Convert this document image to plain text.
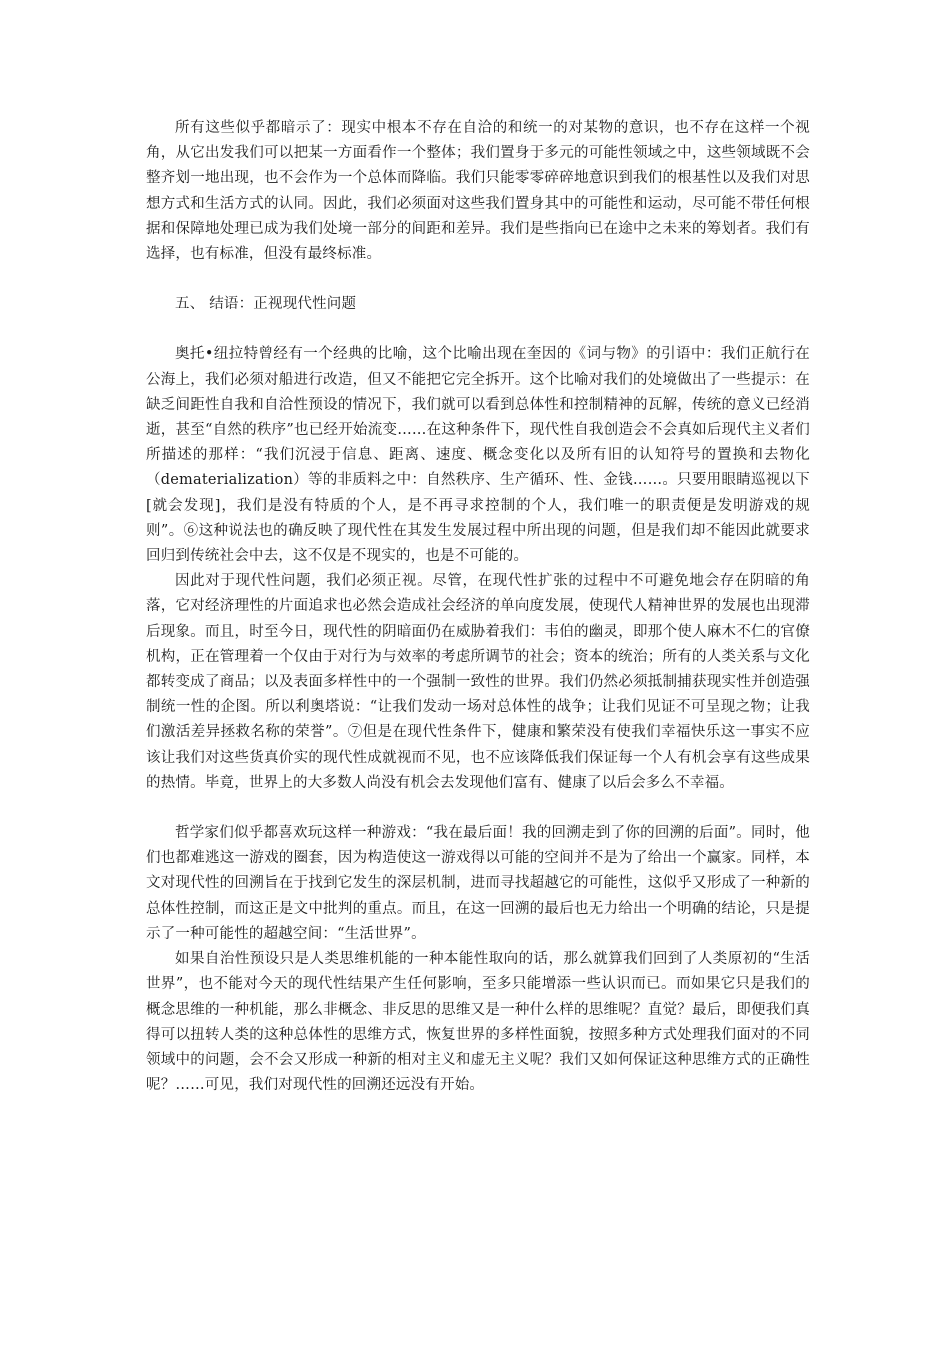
所有这些似乎都暗示了：现实中根本不存在自洽的和统一的对某物的意识，也不存在这样一个视角，从它出发我们可以把某一方面看作一个整体；我们置身于多元的可能性领域之中，这些领域既不会整齐划一地出现，也不会作为一个总体而降临。我们只能零零碎碎地意识到我们的根基性以及我们对思想方式和生活方式的认同。因此，我们必须面对这些我们置身其中的可能性和运动，尽可能不带任何根据和保障地处理已成为我们处境一部分的间距和差异。我们是些指向已在途中之未来的筹划者。我们有选择，也有标准，但没有最终标准。

五、 结语：正视现代性问题

奥托•纽拉特曾经有一个经典的比喻，这个比喻出现在奎因的《词与物》的引语中：我们正航行在公海上，我们必须对船进行改造，但又不能把它完全拆开。这个比喻对我们的处境做出了一些提示：在缺乏间距性自我和自洽性预设的情况下，我们就可以看到总体性和控制精神的瓦解，传统的意义已经消逝，甚至“自然的秩序”也已经开始流变……在这种条件下，现代性自我创造会不会真如后现代主义者们所描述的那样：“我们沉浸于信息、距离、速度、概念变化以及所有旧的认知符号的置换和去物化（dematerialization）等的非质料之中：自然秩序、生产循环、性、金钱……。只要用眼睛巡视以下[就会发现]，我们是没有特质的个人，是不再寻求控制的个人，我们唯一的职责便是发明游戏的规则”。⑥这种说法也的确反映了现代性在其发生发展过程中所出现的问题，但是我们却不能因此就要求回归到传统社会中去，这不仅是不现实的，也是不可能的。

因此对于现代性问题，我们必须正视。尽管，在现代性扩张的过程中不可避免地会存在阴暗的角落，它对经济理性的片面追求也必然会造成社会经济的单向度发展，使现代人精神世界的发展也出现滞后现象。而且，时至今日，现代性的阴暗面仍在威胁着我们：韦伯的幽灵，即那个使人麻木不仁的官僚机构，正在管理着一个仅由于对行为与效率的考虑所调节的社会；资本的统治；所有的人类关系与文化都转变成了商品；以及表面多样性中的一个强制一致性的世界。我们仍然必须抵制捕获现实性并创造强制统一性的企图。所以利奥塔说：“让我们发动一场对总体性的战争；让我们见证不可呈现之物；让我们激活差异拯救名称的荣誉”。⑦但是在现代性条件下，健康和繁荣没有使我们幸福快乐这一事实不应该让我们对这些货真价实的现代性成就视而不见，也不应该降低我们保证每一个人有机会享有这些成果的热情。毕竟，世界上的大多数人尚没有机会去发现他们富有、健康了以后会多么不幸福。

哲学家们似乎都喜欢玩这样一种游戏：“我在最后面！我的回溯走到了你的回溯的后面”。同时，他们也都难逃这一游戏的圈套，因为构造使这一游戏得以可能的空间并不是为了给出一个赢家。同样，本文对现代性的回溯旨在于找到它发生的深层机制，进而寻找超越它的可能性，这似乎又形成了一种新的总体性控制，而这正是文中批判的重点。而且，在这一回溯的最后也无力给出一个明确的结论，只是提示了一种可能性的超越空间：“生活世界”。

如果自治性预设只是人类思维机能的一种本能性取向的话，那么就算我们回到了人类原初的“生活世界”，也不能对今天的现代性结果产生任何影响，至多只能增添一些认识而已。而如果它只是我们的概念思维的一种机能，那么非概念、非反思的思维又是一种什么样的思维呢？直觉？最后，即便我们真得可以扭转人类的这种总体性的思维方式，恢复世界的多样性面貌，按照多种方式处理我们面对的不同领域中的问题，会不会又形成一种新的相对主义和虚无主义呢？我们又如何保证这种思维方式的正确性呢？……可见，我们对现代性的回溯还远没有开始。
